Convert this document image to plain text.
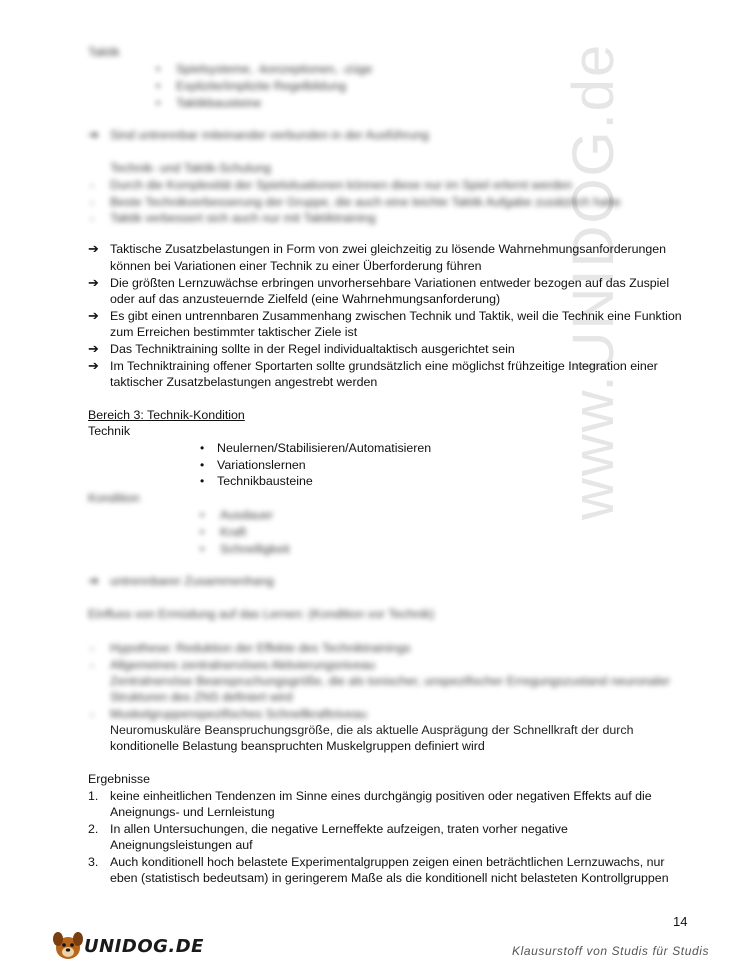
www.UNIDOG.de
Taktik
• Spielsysteme, -konzeptionen, -züge
• Explizite/implizite Regelbildung
• Taktikbausteine
➔ Sind untrennbar miteinander verbunden in der Ausführung
Technik- und Taktik-Schulung
- Durch die Komplexität der Spielsituationen können diese nur im Spiel erlernt werden
- Beste Technikverbesserung der Gruppe, die auch eine leichte Taktik Aufgabe zusätzlich hatte
- Taktik verbessert sich auch nur mit Taktiktraining
➔ Taktische Zusatzbelastungen in Form von zwei gleichzeitig zu lösende Wahrnehmungsanforderungen
können bei Variationen einer Technik zu einer Überforderung führen
➔ Die größten Lernzuwächse erbringen unvorhersehbare Variationen entweder bezogen auf das Zuspiel
oder auf das anzusteuernde Zielfeld (eine Wahrnehmungsanforderung)
➔ Es gibt einen untrennbaren Zusammenhang zwischen Technik und Taktik, weil die Technik eine Funktion
zum Erreichen bestimmter taktischer Ziele ist
➔ Das Techniktraining sollte in der Regel individualtaktisch ausgerichtet sein
➔ Im Techniktraining offener Sportarten sollte grundsätzlich eine möglichst frühzeitige Integration einer
taktischer Zusatzbelastungen angestrebt werden
Bereich 3: Technik-Kondition
Technik
• Neulernen/Stabilisieren/Automatisieren
• Variationslernen
• Technikbausteine
Kondition
• Ausdauer
• Kraft
• Schnelligkeit
➔ untrennbarer Zusammenhang
Einfluss von Ermüdung auf das Lernen: (Kondition vor Technik)
- Hypothese: Reduktion der Effekte des Techniktrainings
- Allgemeines zentralnervöses Aktivierungsniveau
Zentralnervöse Beanspruchungsgröße, die als tonischer, unspezifischer Erregungszustand neuronaler
Strukturen des ZNS definiert wird
- Muskelgruppenspezifisches Schnellkraftniveau
Neuromuskuläre Beanspruchungsgröße, die als aktuelle Ausprägung der Schnellkraft der durch
konditionelle Belastung beanspruchten Muskelgruppen definiert wird
Ergebnisse
1. keine einheitlichen Tendenzen im Sinne eines durchgängig positiven oder negativen Effekts auf die
Aneignungs- und Lernleistung
2. In allen Untersuchungen, die negative Lerneffekte aufzeigen, traten vorher negative
Aneignungsleistungen auf
3. Auch konditionell hoch belastete Experimentalgruppen zeigen einen beträchtlichen Lernzuwachs, nur
eben (statistisch bedeutsam) in geringerem Maße als die konditionell nicht belasteten Kontrollgruppen
14
UNIDOG.DE	Klausurstoff von Studis für Studis
